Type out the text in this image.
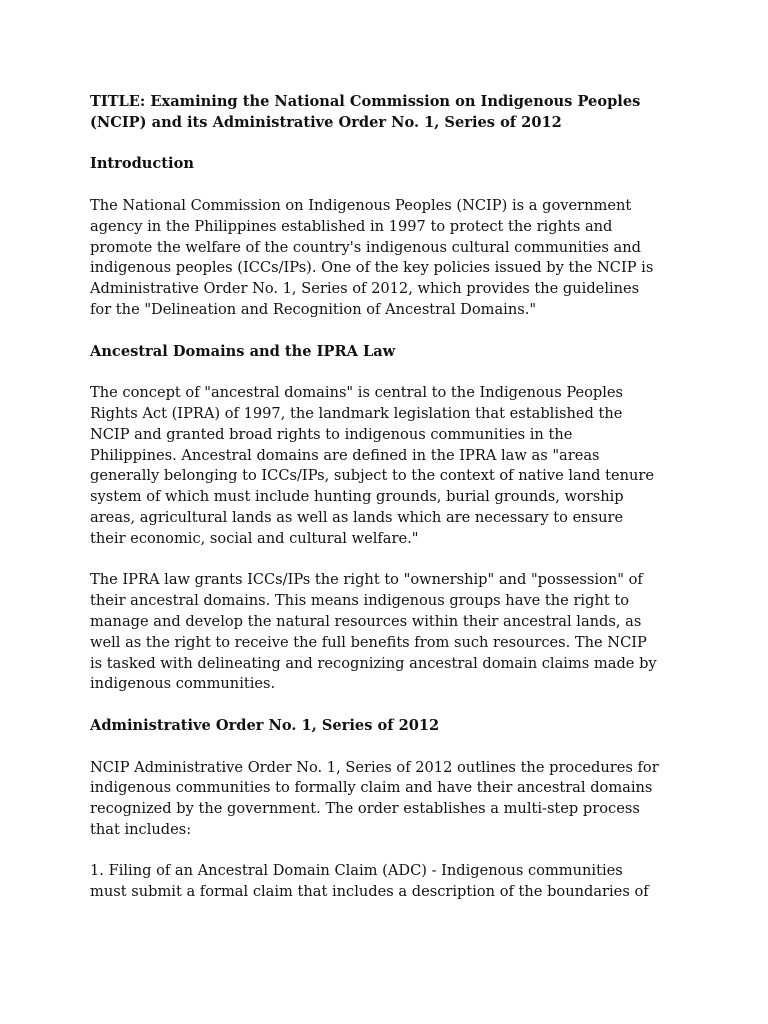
TITLE: Examining the National Commission on Indigenous Peoples
(NCIP) and its Administrative Order No. 1, Series of 2012
Introduction

The National Commission on Indigenous Peoples (NCIP) is a government
agency in the Philippines established in 1997 to protect the rights and
promote the welfare of the country's indigenous cultural communities and
indigenous peoples (ICCs/IPs). One of the key policies issued by the NCIP is
Administrative Order No. 1, Series of 2012, which provides the guidelines
for the "Delineation and Recognition of Ancestral Domains."

Ancestral Domains and the IPRA Law

The concept of "ancestral domains" is central to the Indigenous Peoples
Rights Act (IPRA) of 1997, the landmark legislation that established the
NCIP and granted broad rights to indigenous communities in the
Philippines. Ancestral domains are defined in the IPRA law as "areas
generally belonging to ICCs/IPs, subject to the context of native land tenure
system of which must include hunting grounds, burial grounds, worship
areas, agricultural lands as well as lands which are necessary to ensure
their economic, social and cultural welfare."

The IPRA law grants ICCs/IPs the right to "ownership" and "possession" of
their ancestral domains. This means indigenous groups have the right to
manage and develop the natural resources within their ancestral lands, as
well as the right to receive the full benefits from such resources. The NCIP
is tasked with delineating and recognizing ancestral domain claims made by
indigenous communities.

Administrative Order No. 1, Series of 2012

NCIP Administrative Order No. 1, Series of 2012 outlines the procedures for
indigenous communities to formally claim and have their ancestral domains
recognized by the government. The order establishes a multi-step process
that includes:

1. Filing of an Ancestral Domain Claim (ADC) - Indigenous communities
must submit a formal claim that includes a description of the boundaries of
